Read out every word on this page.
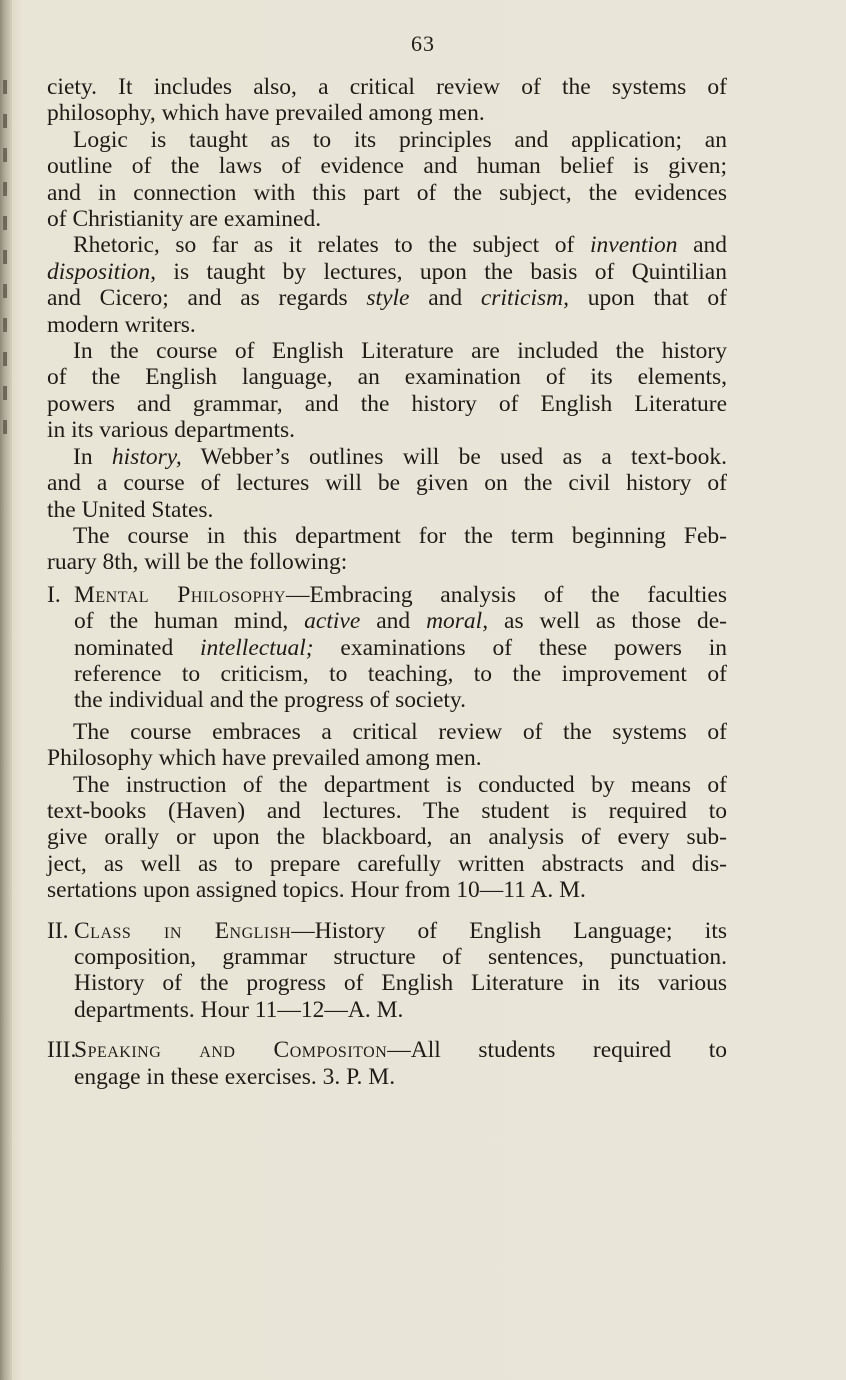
63

ciety. It includes also, a critical review of the systems of
philosophy, which have prevailed among men.

Logic is taught as to its principles and application; an
outline of the laws of evidence and human belief is given;
and in connection with this part of the subject, the evidences
of Christianity are examined.

Rhetoric, so far as it relates to the subject of invention and
disposition, is taught by lectures, upon the basis of Quintilian
and Cicero; and as regards style and criticism, upon that of
modern writers.

In the course of English Literature are included the history
of the English language, an examination of its elements,
powers and grammar, and the history of English Literature
in its various departments.

In history, Webber’s outlines will be used as a text-book.
and a course of lectures will be given on the civil history of
the United States.

The course in this department for the term beginning Feb-
ruary 8th, will be the following:

I. Mental Philosophy—Embracing analysis of the faculties
of the human mind, active and moral, as well as those de-
nominated intellectual; examinations of these powers in
reference to criticism, to teaching, to the improvement of
the individual and the progress of society.

The course embraces a critical review of the systems of
Philosophy which have prevailed among men.

The instruction of the department is conducted by means of
text-books (Haven) and lectures. The student is required to
give orally or upon the blackboard, an analysis of every sub-
ject, as well as to prepare carefully written abstracts and dis-
sertations upon assigned topics. Hour from 10—11 A. M.

II. Class in English—History of English Language; its
composition, grammar structure of sentences, punctuation.
History of the progress of English Literature in its various
departments. Hour 11—12—A. M.
III.
Speaking and Compositon—All students required to
engage in these exercises. 3. P. M.
